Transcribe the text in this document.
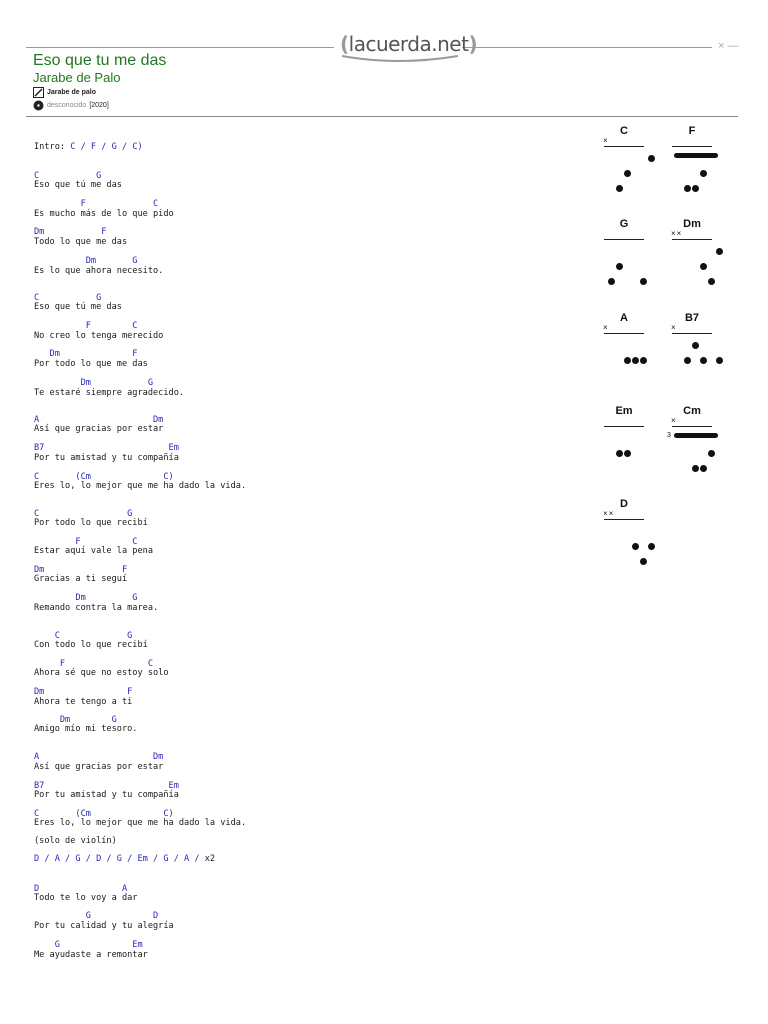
(lacuerda.net)	× —
Eso que tu me das
Jarabe de Palo
Jarabe de palo
desconocido [2020]
Intro: C / F / G / C)
C           G
Eso que tú me das
F             C
Es mucho más de lo que pido
Dm           F
Todo lo que me das
Dm       G
Es lo que ahora necesito.
C           G
Eso que tú me das
F        C
No creo lo tenga merecido
Dm              F
Por todo lo que me das
Dm           G
Te estaré siempre agradecido.
A                      Dm
Así que gracias por estar
B7                        Em
Por tu amistad y tu compañía
C       (Cm              C)
Eres lo, lo mejor que me ha dado la vida.
C                 G
Por todo lo que recibí
F          C
Estar aquí vale la pena
Dm               F
Gracias a ti seguí
Dm         G
Remando contra la marea.
C             G
Con todo lo que recibí
F                C
Ahora sé que no estoy solo
Dm                F
Ahora te tengo a ti
Dm        G
Amigo mío mi tesoro.
A                      Dm
Así que gracias por estar
B7                        Em
Por tu amistad y tu compañía
C       (Cm              C)
Eres lo, lo mejor que me ha dado la vida.
(solo de violín)
D / A / G / D / G / Em / G / A / x2
D                A
Todo te lo voy a dar
G            D
Por tu calidad y tu alegría
G              Em
Me ayudaste a remontar
C
×
F
G	Dm
××
A
×
B7
×
Em	Cm
×
3
D
××
